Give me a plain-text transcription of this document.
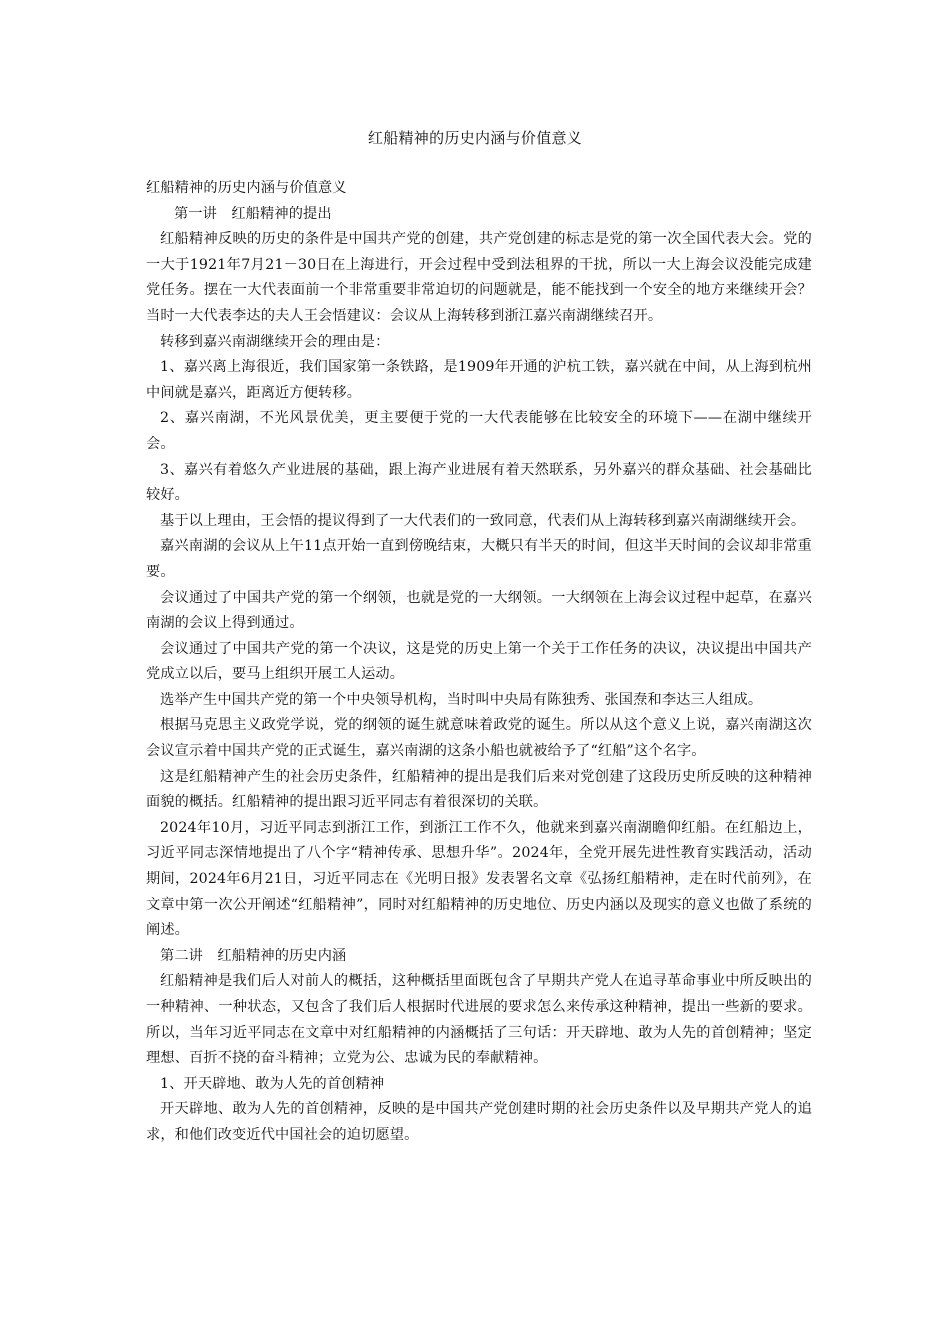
红船精神的历史内涵与价值意义

红船精神的历史内涵与价值意义

第一讲　红船精神的提出

红船精神反映的历史的条件是中国共产党的创建，共产党创建的标志是党的第一次全国代表大会。党的一大于1921年7月21－30日在上海进行，开会过程中受到法租界的干扰，所以一大上海会议没能完成建党任务。摆在一大代表面前一个非常重要非常迫切的问题就是，能不能找到一个安全的地方来继续开会？当时一大代表李达的夫人王会悟建议：会议从上海转移到浙江嘉兴南湖继续召开。

转移到嘉兴南湖继续开会的理由是：

1、嘉兴离上海很近，我们国家第一条铁路，是1909年开通的沪杭工铁，嘉兴就在中间，从上海到杭州中间就是嘉兴，距离近方便转移。

2、嘉兴南湖，不光风景优美，更主要便于党的一大代表能够在比较安全的环境下——在湖中继续开会。

3、嘉兴有着悠久产业进展的基础，跟上海产业进展有着天然联系，另外嘉兴的群众基础、社会基础比较好。

基于以上理由，王会悟的提议得到了一大代表们的一致同意，代表们从上海转移到嘉兴南湖继续开会。

嘉兴南湖的会议从上午11点开始一直到傍晚结束，大概只有半天的时间，但这半天时间的会议却非常重要。

会议通过了中国共产党的第一个纲领，也就是党的一大纲领。一大纲领在上海会议过程中起草，在嘉兴南湖的会议上得到通过。

会议通过了中国共产党的第一个决议，这是党的历史上第一个关于工作任务的决议，决议提出中国共产党成立以后，要马上组织开展工人运动。

选举产生中国共产党的第一个中央领导机构，当时叫中央局有陈独秀、张国焘和李达三人组成。

根据马克思主义政党学说，党的纲领的诞生就意味着政党的诞生。所以从这个意义上说，嘉兴南湖这次会议宣示着中国共产党的正式诞生，嘉兴南湖的这条小船也就被给予了“红船”这个名字。

这是红船精神产生的社会历史条件，红船精神的提出是我们后来对党创建了这段历史所反映的这种精神面貌的概括。红船精神的提出跟习近平同志有着很深切的关联。

2024年10月，习近平同志到浙江工作，到浙江工作不久，他就来到嘉兴南湖瞻仰红船。在红船边上，习近平同志深情地提出了八个字“精神传承、思想升华”。2024年，全党开展先进性教育实践活动，活动期间，2024年6月21日，习近平同志在《光明日报》发表署名文章《弘扬红船精神，走在时代前列》，在文章中第一次公开阐述“红船精神”，同时对红船精神的历史地位、历史内涵以及现实的意义也做了系统的阐述。

第二讲　红船精神的历史内涵

红船精神是我们后人对前人的概括，这种概括里面既包含了早期共产党人在追寻革命事业中所反映出的一种精神、一种状态，又包含了我们后人根据时代进展的要求怎么来传承这种精神，提出一些新的要求。所以，当年习近平同志在文章中对红船精神的内涵概括了三句话：开天辟地、敢为人先的首创精神；坚定理想、百折不挠的奋斗精神；立党为公、忠诚为民的奉献精神。

1、开天辟地、敢为人先的首创精神

开天辟地、敢为人先的首创精神，反映的是中国共产党创建时期的社会历史条件以及早期共产党人的追求，和他们改变近代中国社会的迫切愿望。
